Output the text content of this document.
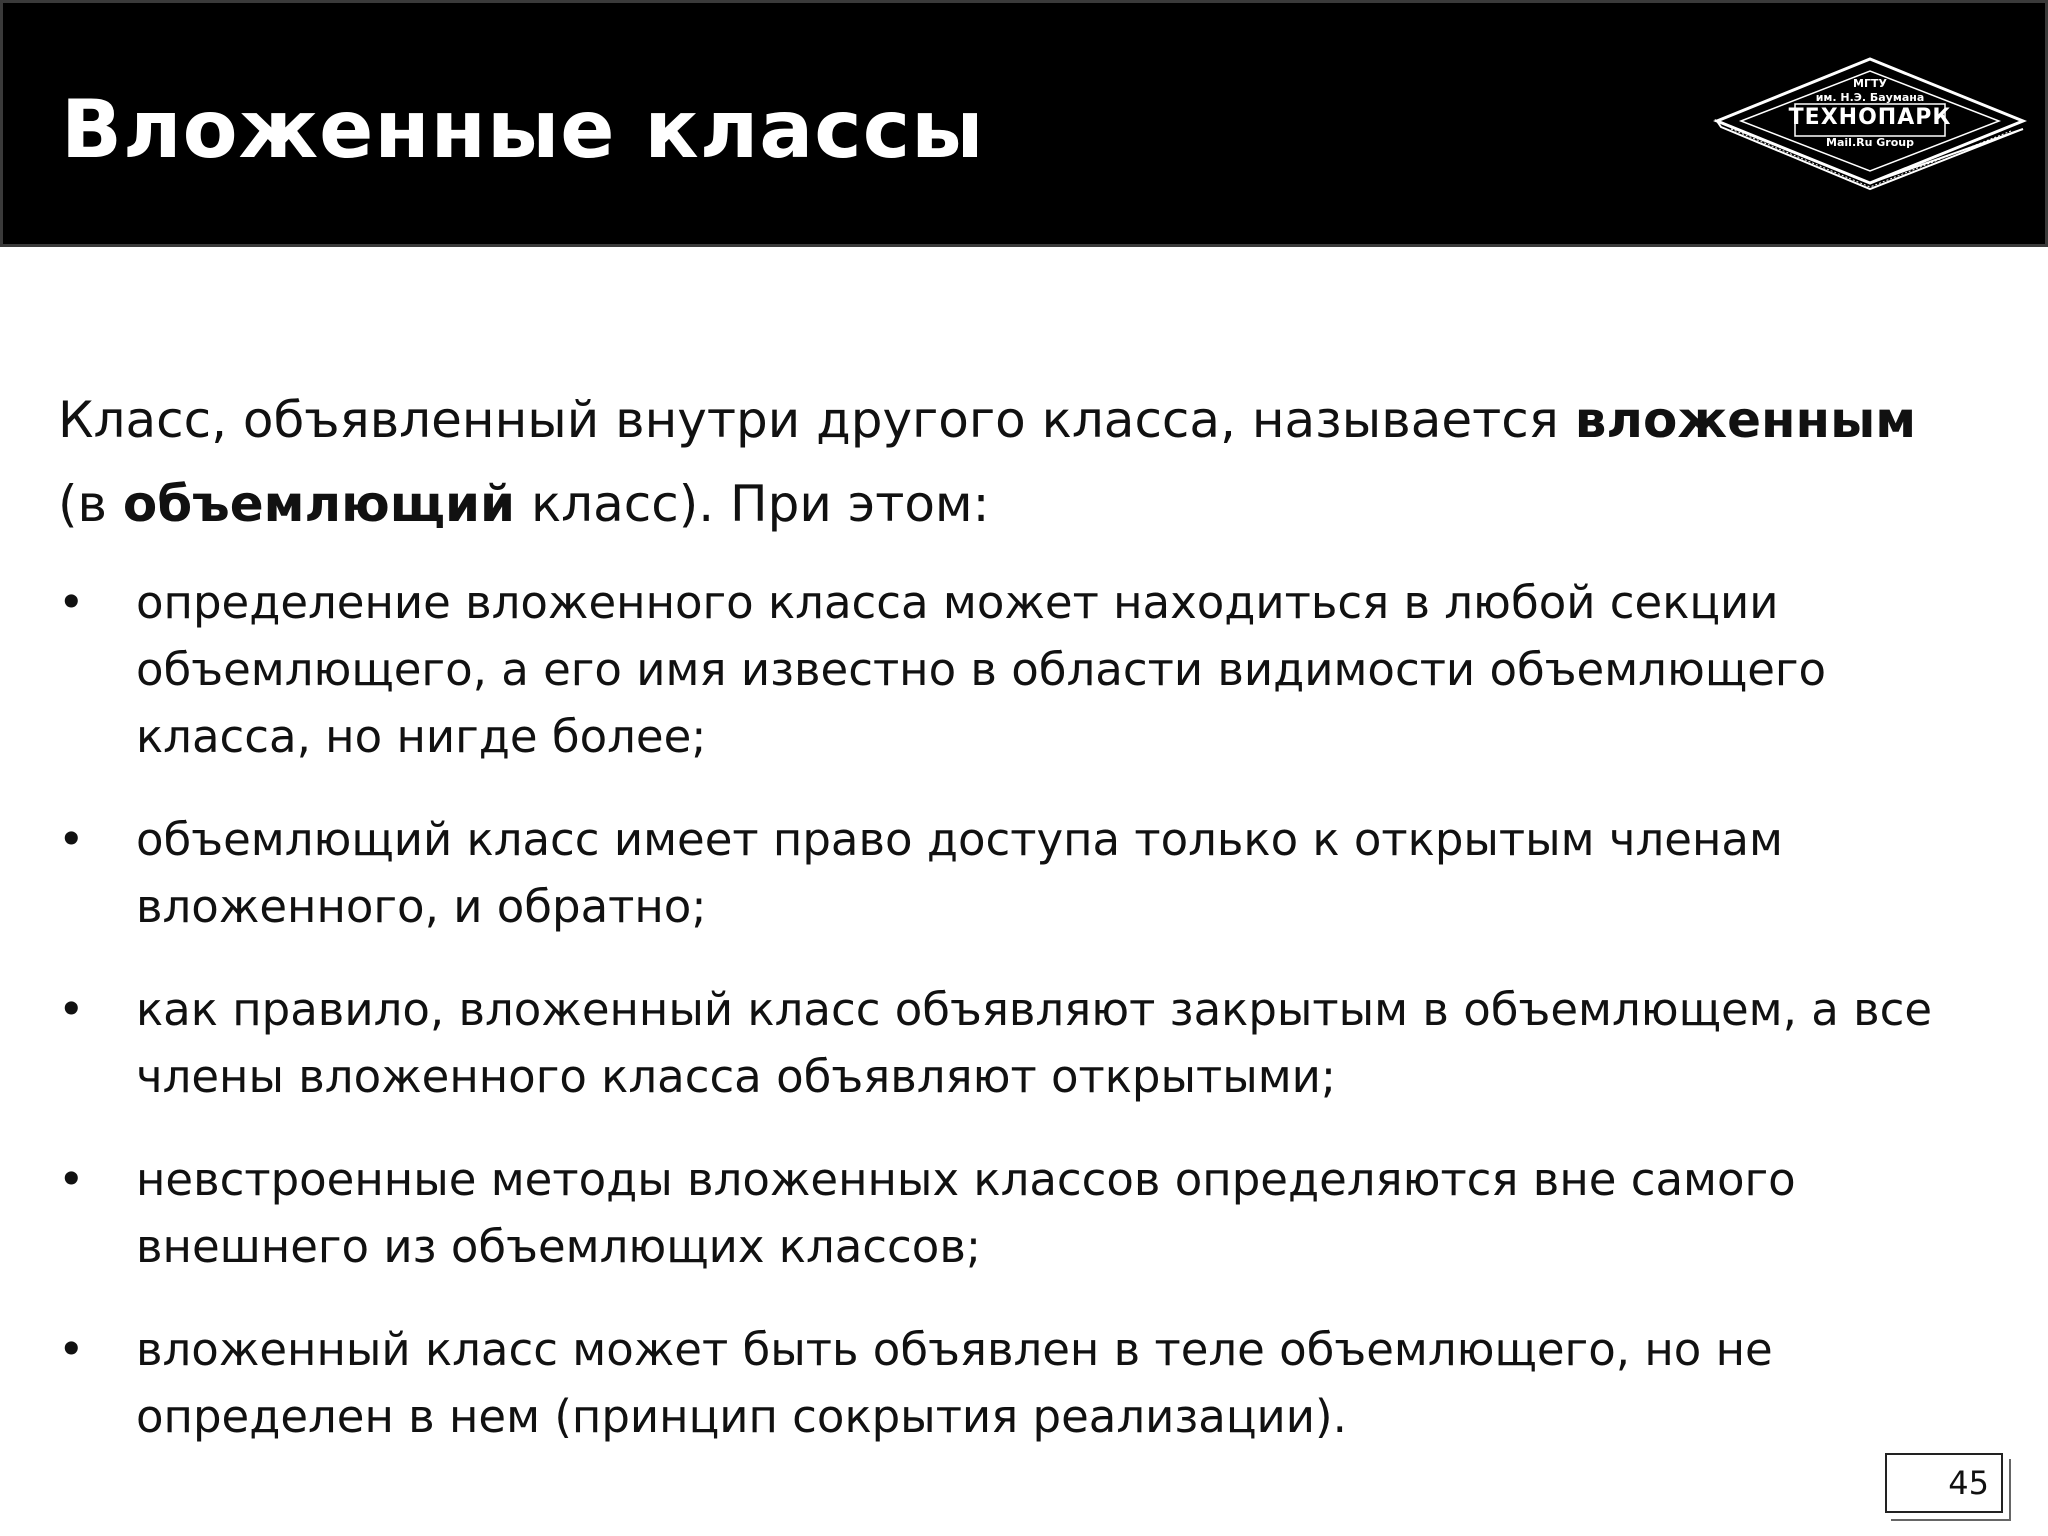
Вложенные классы	МГТУ
им. Н.Э. Баумана
ТЕХНОПАРК
Mail.Ru Group

Класс, объявленный внутри другого класса, называется вложенным (в объемлющий класс). При этом:

• определение вложенного класса может находиться в любой секции объемлющего, а его имя известно в области видимости объемлющего класса, но нигде более;
• объемлющий класс имеет право доступа только к открытым членам вложенного, и обратно;
• как правило, вложенный класс объявляют закрытым в объемлющем, а все члены вложенного класса объявляют открытыми;
• невстроенные методы вложенных классов определяются вне самого внешнего из объемлющих классов;
• вложенный класс может быть объявлен в теле объемлющего, но не определен в нем (принцип сокрытия реализации).
45
